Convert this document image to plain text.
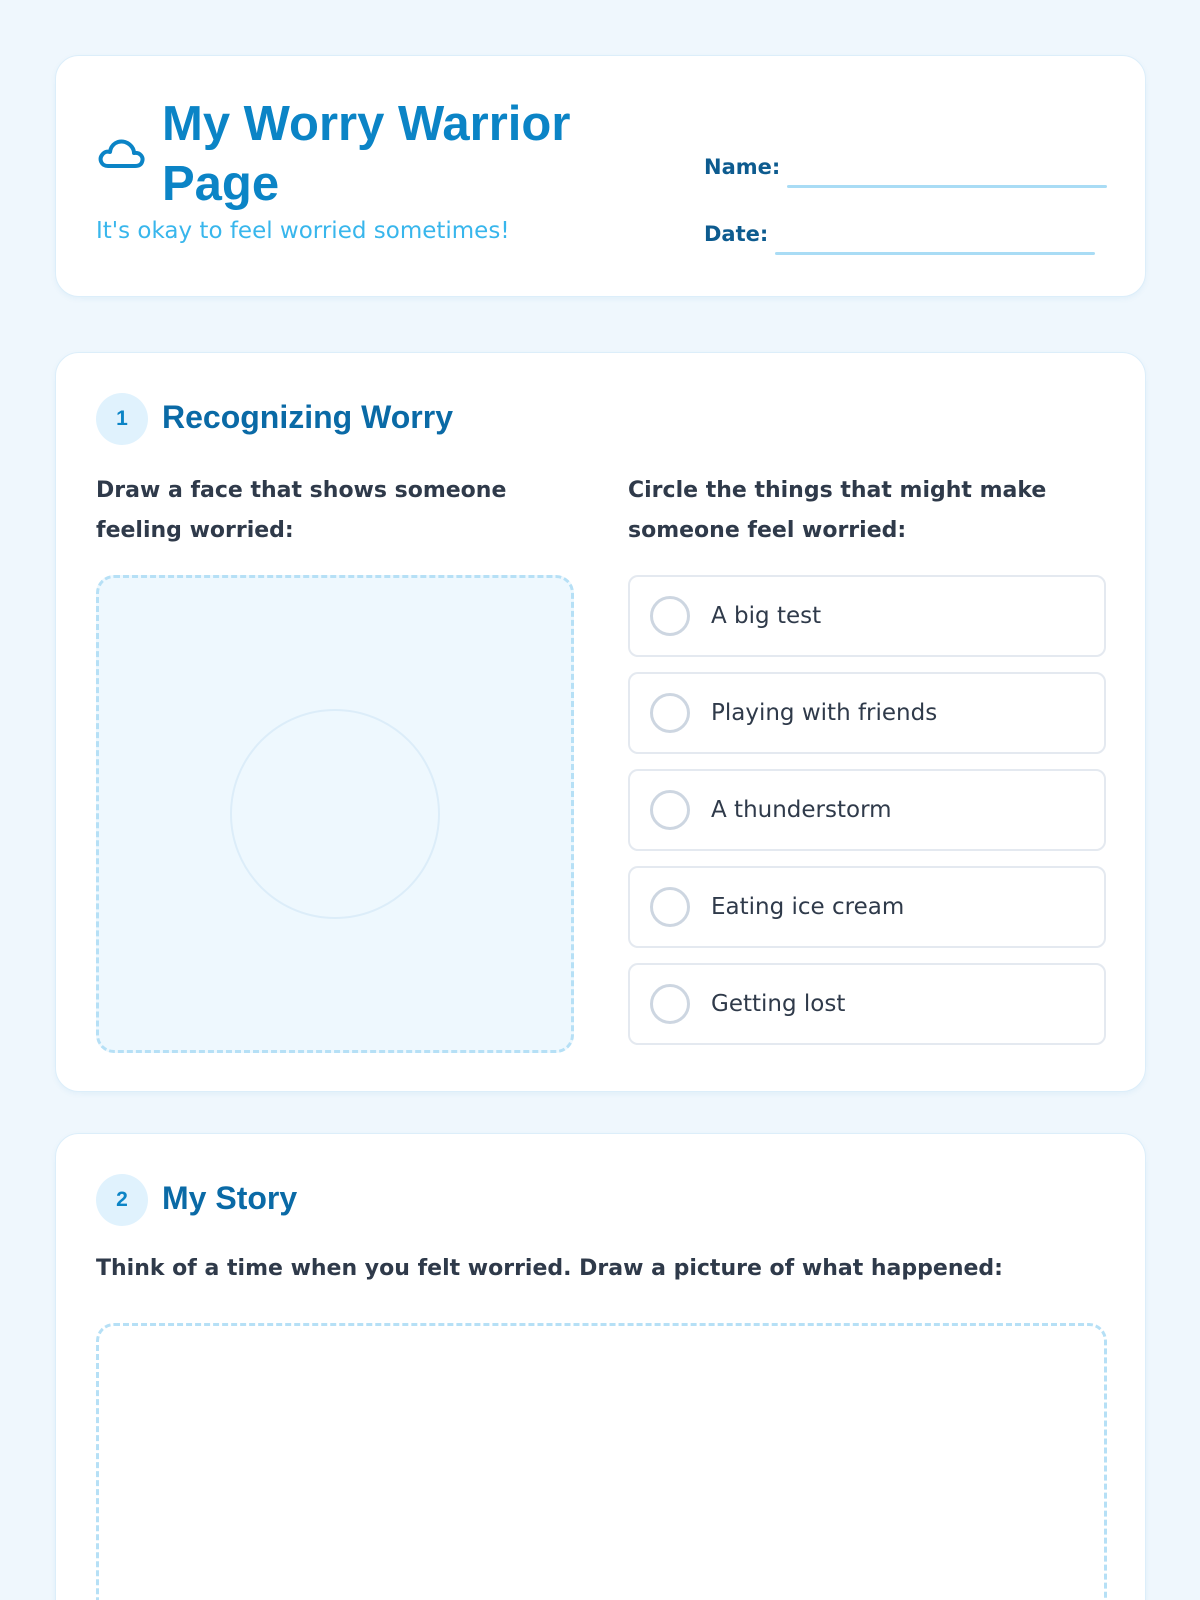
My Worry Warrior Page
It's okay to feel worried sometimes!
Name:
Date:
1	Recognizing Worry
Draw a face that shows someone feeling worried:
Circle the things that might make someone feel worried:
A big test
Playing with friends
A thunderstorm
Eating ice cream
Getting lost
2	My Story
Think of a time when you felt worried. Draw a picture of what happened:
